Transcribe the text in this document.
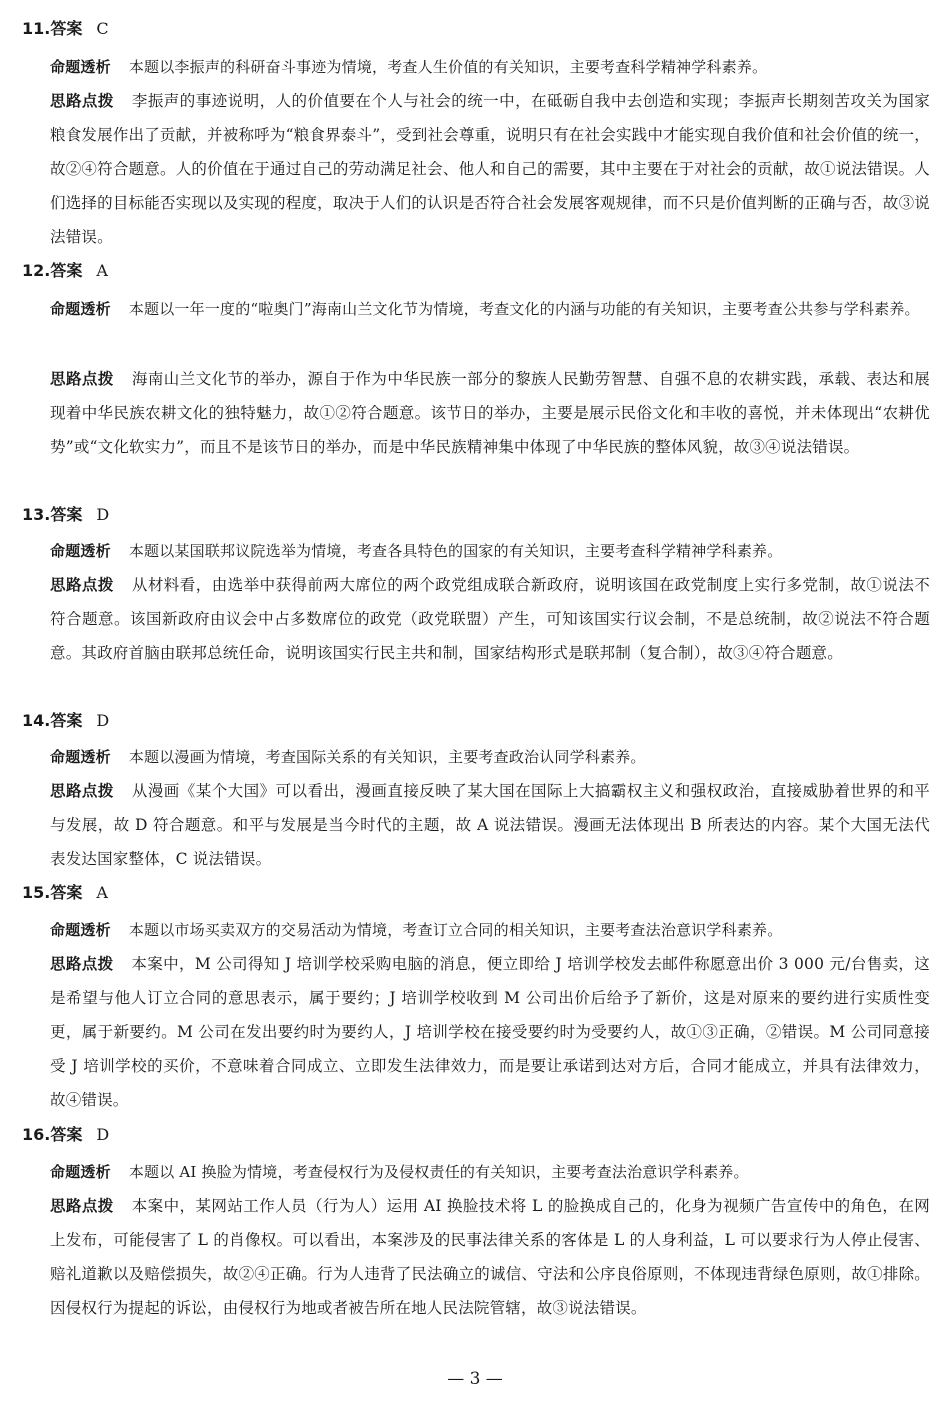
11.答案 C
命题透析 本题以李振声的科研奋斗事迹为情境，考查人生价值的有关知识，主要考查科学精神学科素养。
思路点拨 李振声的事迹说明，人的价值要在个人与社会的统一中，在砥砺自我中去创造和实现；李振声长期刻苦攻关为国家粮食发展作出了贡献，并被称呼为“粮食界泰斗”，受到社会尊重，说明只有在社会实践中才能实现自我价值和社会价值的统一，故②④符合题意。人的价值在于通过自己的劳动满足社会、他人和自己的需要，其中主要在于对社会的贡献，故①说法错误。人们选择的目标能否实现以及实现的程度，取决于人们的认识是否符合社会发展客观规律，而不只是价值判断的正确与否，故③说法错误。
12.答案 A
命题透析 本题以一年一度的“啦奥门”海南山兰文化节为情境，考查文化的内涵与功能的有关知识，主要考查公共参与学科素养。
思路点拨 海南山兰文化节的举办，源自于作为中华民族一部分的黎族人民勤劳智慧、自强不息的农耕实践，承载、表达和展现着中华民族农耕文化的独特魅力，故①②符合题意。该节日的举办，主要是展示民俗文化和丰收的喜悦，并未体现出“农耕优势”或“文化软实力”，而且不是该节日的举办，而是中华民族精神集中体现了中华民族的整体风貌，故③④说法错误。
13.答案 D
命题透析 本题以某国联邦议院选举为情境，考查各具特色的国家的有关知识，主要考查科学精神学科素养。
思路点拨 从材料看，由选举中获得前两大席位的两个政党组成联合新政府，说明该国在政党制度上实行多党制，故①说法不符合题意。该国新政府由议会中占多数席位的政党（政党联盟）产生，可知该国实行议会制，不是总统制，故②说法不符合题意。其政府首脑由联邦总统任命，说明该国实行民主共和制，国家结构形式是联邦制（复合制），故③④符合题意。
14.答案 D
命题透析 本题以漫画为情境，考查国际关系的有关知识，主要考查政治认同学科素养。
思路点拨 从漫画《某个大国》可以看出，漫画直接反映了某大国在国际上大搞霸权主义和强权政治，直接威胁着世界的和平与发展，故 D 符合题意。和平与发展是当今时代的主题，故 A 说法错误。漫画无法体现出 B 所表达的内容。某个大国无法代表发达国家整体，C 说法错误。
15.答案 A
命题透析 本题以市场买卖双方的交易活动为情境，考查订立合同的相关知识，主要考查法治意识学科素养。
思路点拨 本案中，M 公司得知 J 培训学校采购电脑的消息，便立即给 J 培训学校发去邮件称愿意出价 3 000 元/台售卖，这是希望与他人订立合同的意思表示，属于要约；J 培训学校收到 M 公司出价后给予了新价，这是对原来的要约进行实质性变更，属于新要约。M 公司在发出要约时为要约人，J 培训学校在接受要约时为受要约人，故①③正确，②错误。M 公司同意接受 J 培训学校的买价，不意味着合同成立、立即发生法律效力，而是要让承诺到达对方后，合同才能成立，并具有法律效力，故④错误。
16.答案 D
命题透析 本题以 AI 换脸为情境，考查侵权行为及侵权责任的有关知识，主要考查法治意识学科素养。
思路点拨 本案中，某网站工作人员（行为人）运用 AI 换脸技术将 L 的脸换成自己的，化身为视频广告宣传中的角色，在网上发布，可能侵害了 L 的肖像权。可以看出，本案涉及的民事法律关系的客体是 L 的人身利益，L 可以要求行为人停止侵害、赔礼道歉以及赔偿损失，故②④正确。行为人违背了民法确立的诚信、守法和公序良俗原则，不体现违背绿色原则，故①排除。因侵权行为提起的诉讼，由侵权行为地或者被告所在地人民法院管辖，故③说法错误。
— 3 —
